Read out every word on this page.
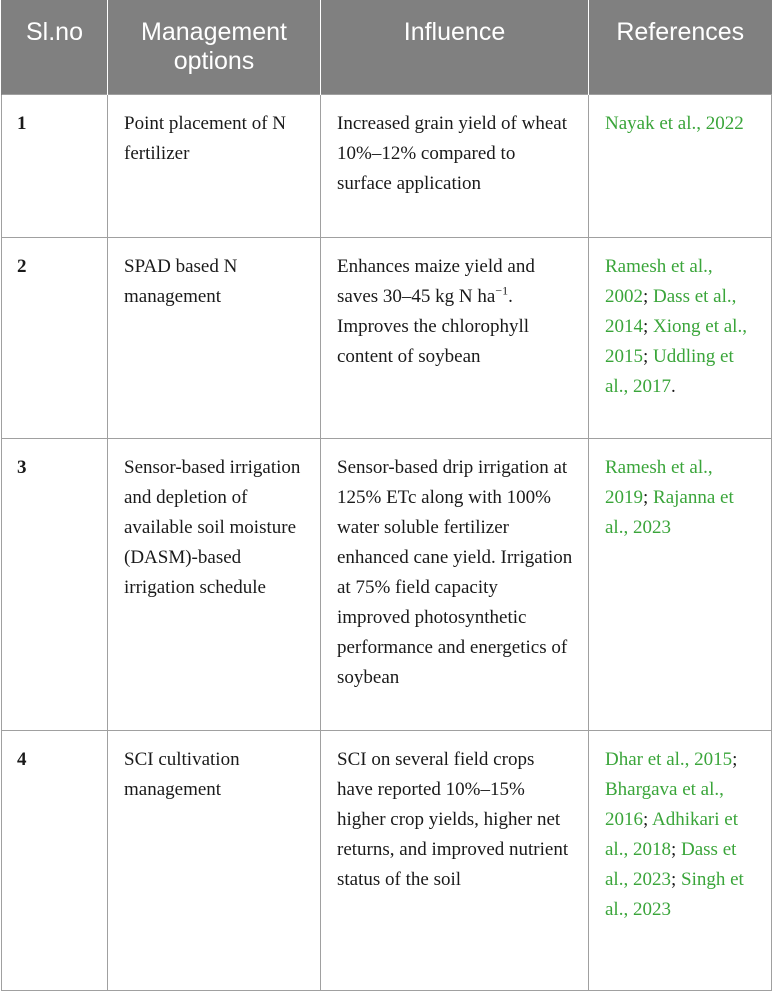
Sl.no	Management options	Influence	References
1	Point placement of N fertilizer	Increased grain yield of wheat 10%–12% compared to surface application	Nayak et al., 2022
2	SPAD based N management	Enhances maize yield and saves 30–45 kg N $ha^{-1}$. Improves the chlorophyll content of soybean	Ramesh et al., 2002; Dass et al., 2014; Xiong et al., 2015; Uddling et al., 2017.
3	Sensor-based irrigation and depletion of available soil moisture (DASM)-based irrigation schedule	Sensor-based drip irrigation at 125% ETc along with 100% water soluble fertilizer enhanced cane yield. Irrigation at 75% field capacity improved photosynthetic performance and energetics of soybean	Ramesh et al., 2019; Rajanna et al., 2023
4	SCI cultivation management	SCI on several field crops have reported 10%–15% higher crop yields, higher net returns, and improved nutrient status of the soil	Dhar et al., 2015; Bhargava et al., 2016; Adhikari et al., 2018; Dass et al., 2023; Singh et al., 2023
